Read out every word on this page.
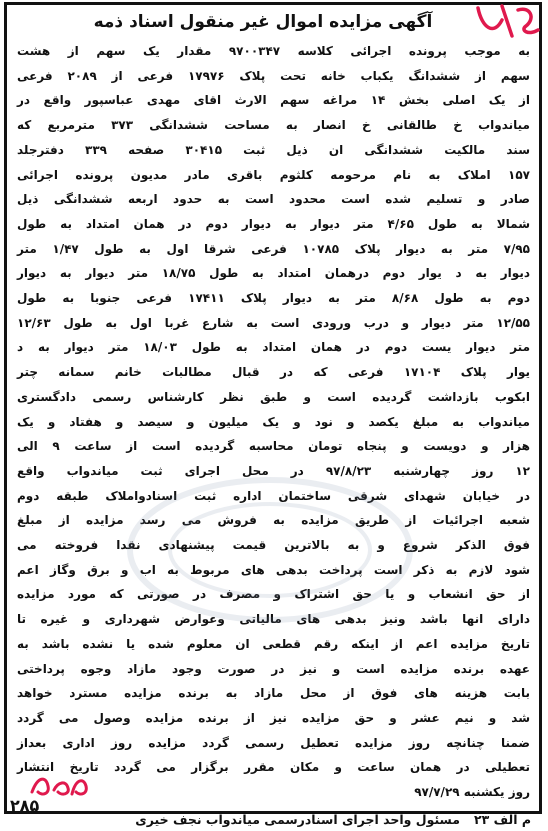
آگهی مزایده اموال غیر منقول اسناد ذمه
به موجب پرونده اجرائی کلاسه ۹۷۰۰۳۴۷ مقدار یک سهم از هشت
سهم از ششدانگ یکباب خانه تحت پلاک ۱۷۹۷۶ فرعی از ۲۰۸۹ فرعی
از یک اصلی بخش ۱۴ مراغه سهم الارث اقای مهدی عباسپور واقع در
میاندواب خ طالقانی خ انصار به مساحت ششدانگی ۳۷۳ مترمربع که
سند مالکیت ششدانگی ان ذیل ثبت ۳۰۴۱۵ صفحه ۳۳۹ دفترجلد
۱۵۷ املاک به نام مرحومه کلثوم باقری مادر مدیون پرونده اجرائی
صادر و تسلیم شده است محدود است به حدود اربعه ششدانگی ذیل
شمالا به طول ۴/۶۵ متر دیوار به دیوار دوم در همان امتداد به طول
۷/۹۵ متر به دیوار پلاک ۱۰۷۸۵ فرعی شرقا اول به طول ۱/۴۷ متر
دیوار به د یوار دوم درهمان امتداد به طول ۱۸/۷۵ متر دیوار به دیوار
دوم به طول ۸/۶۸ متر به دیوار پلاک ۱۷۴۱۱ فرعی جنوبا به طول
۱۲/۵۵ متر دیوار و درب ورودی است به شارع غربا اول به طول ۱۲/۶۳
متر دیوار یست دوم در همان امتداد به طول ۱۸/۰۳ متر دیوار به د
یوار پلاک ۱۷۱۰۴ فرعی که در قبال مطالبات خانم سمانه چتر
ابکوب بازداشت گردیده است و طبق نظر کارشناس رسمی دادگستری
میاندواب به مبلغ یکصد و نود و یک میلیون و سیصد و هفتاد و یک
هزار و دویست و پنجاه تومان محاسبه گردیده است از ساعت ۹ الی
۱۲ روز چهارشنبه ۹۷/۸/۲۳ در محل اجرای ثبت میاندواب واقع
در خیابان شهدای شرقی ساختمان اداره ثبت اسنادواملاک طبقه دوم
شعبه اجرائیات از طریق مزایده به فروش می رسد مزایده از مبلغ
فوق الذکر شروع و به بالاترین قیمت پیشنهادی نقدا فروخته می
شود لازم به ذکر است پرداخت بدهی های مربوط به اب و برق وگاز اعم
از حق انشعاب و یا حق اشتراک و مصرف در صورتی که مورد مزایده
دارای انها باشد ونیز بدهی های مالیاتی وعوارض شهرداری و غیره تا
تاریخ مزایده اعم از اینکه رقم قطعی ان معلوم شده یا نشده باشد به
عهده برنده مزایده است و نیز در صورت وجود مازاد وجوه پرداختی
بابت هزینه های فوق از محل مازاد به برنده مزایده مسترد خواهد
شد و نیم عشر و حق مزایده نیز از برنده مزایده وصول می گردد
ضمنا چنانچه روز مزایده تعطیل رسمی گردد مزایده روز اداری بعداز
تعطیلی در همان ساعت و مکان مقرر برگزار می گردد تاریخ انتشار
روز یکشنبه ۹۷/۷/۲۹
م الف ۲۳
مسئول واحد اجرای اسنادرسمی میاندواب نجف خیری
۲۸۵
